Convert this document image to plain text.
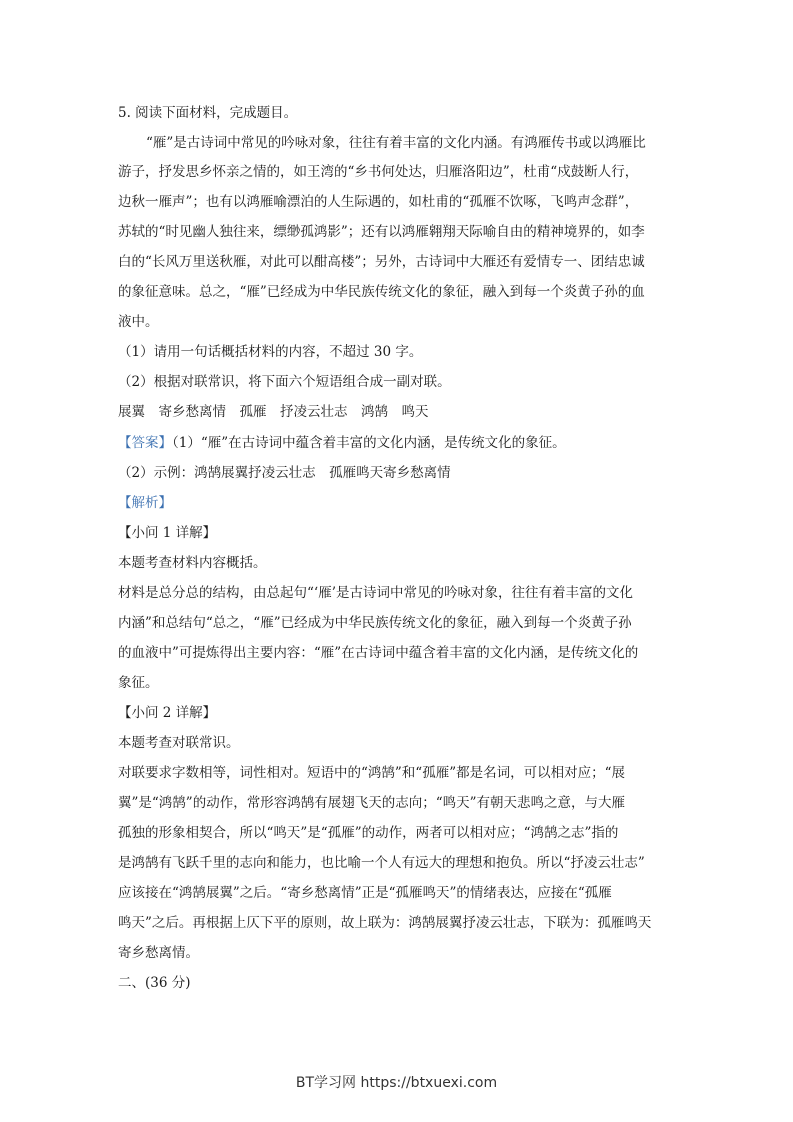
5. 阅读下面材料，完成题目。
“雁”是古诗词中常见的吟咏对象，往往有着丰富的文化内涵。有鸿雁传书或以鸿雁比
游子，抒发思乡怀亲之情的，如王湾的“乡书何处达，归雁洛阳边”，杜甫“戍鼓断人行，
边秋一雁声”；也有以鸿雁喻漂泊的人生际遇的，如杜甫的“孤雁不饮啄，飞鸣声念群”，
苏轼的“时见幽人独往来，缥缈孤鸿影”；还有以鸿雁翱翔天际喻自由的精神境界的，如李
白的“长风万里送秋雁，对此可以酣高楼”；另外，古诗词中大雁还有爱情专一、团结忠诚
的象征意味。总之，“雁”已经成为中华民族传统文化的象征，融入到每一个炎黄子孙的血
液中。
（1）请用一句话概括材料的内容，不超过 30 字。
（2）根据对联常识，将下面六个短语组合成一副对联。
展翼　寄乡愁离情　孤雁　抒凌云壮志　鸿鹄　鸣天
【答案】（1）“雁”在古诗词中蕴含着丰富的文化内涵，是传统文化的象征。
（2）示例：鸿鹄展翼抒凌云壮志　孤雁鸣天寄乡愁离情
【解析】
【小问 1 详解】
本题考查材料内容概括。
材料是总分总的结构，由总起句“‘雁’是古诗词中常见的吟咏对象，往往有着丰富的文化
内涵”和总结句“总之，“雁”已经成为中华民族传统文化的象征，融入到每一个炎黄子孙
的血液中”可提炼得出主要内容：“雁”在古诗词中蕴含着丰富的文化内涵，是传统文化的
象征。
【小问 2 详解】
本题考查对联常识。
对联要求字数相等，词性相对。短语中的“鸿鹄”和“孤雁”都是名词，可以相对应；“展
翼”是“鸿鹄”的动作，常形容鸿鹄有展翅飞天的志向；“鸣天”有朝天悲鸣之意，与大雁
孤独的形象相契合，所以“鸣天”是“孤雁”的动作，两者可以相对应；“鸿鹄之志”指的
是鸿鹄有飞跃千里的志向和能力，也比喻一个人有远大的理想和抱负。所以“抒凌云壮志”
应该接在“鸿鹄展翼”之后。“寄乡愁离情”正是“孤雁鸣天”的情绪表达，应接在“孤雁
鸣天”之后。再根据上仄下平的原则，故上联为：鸿鹄展翼抒凌云壮志，下联为：孤雁鸣天
寄乡愁离情。
二、(36 分)
BT学习网 https://btxuexi.com
